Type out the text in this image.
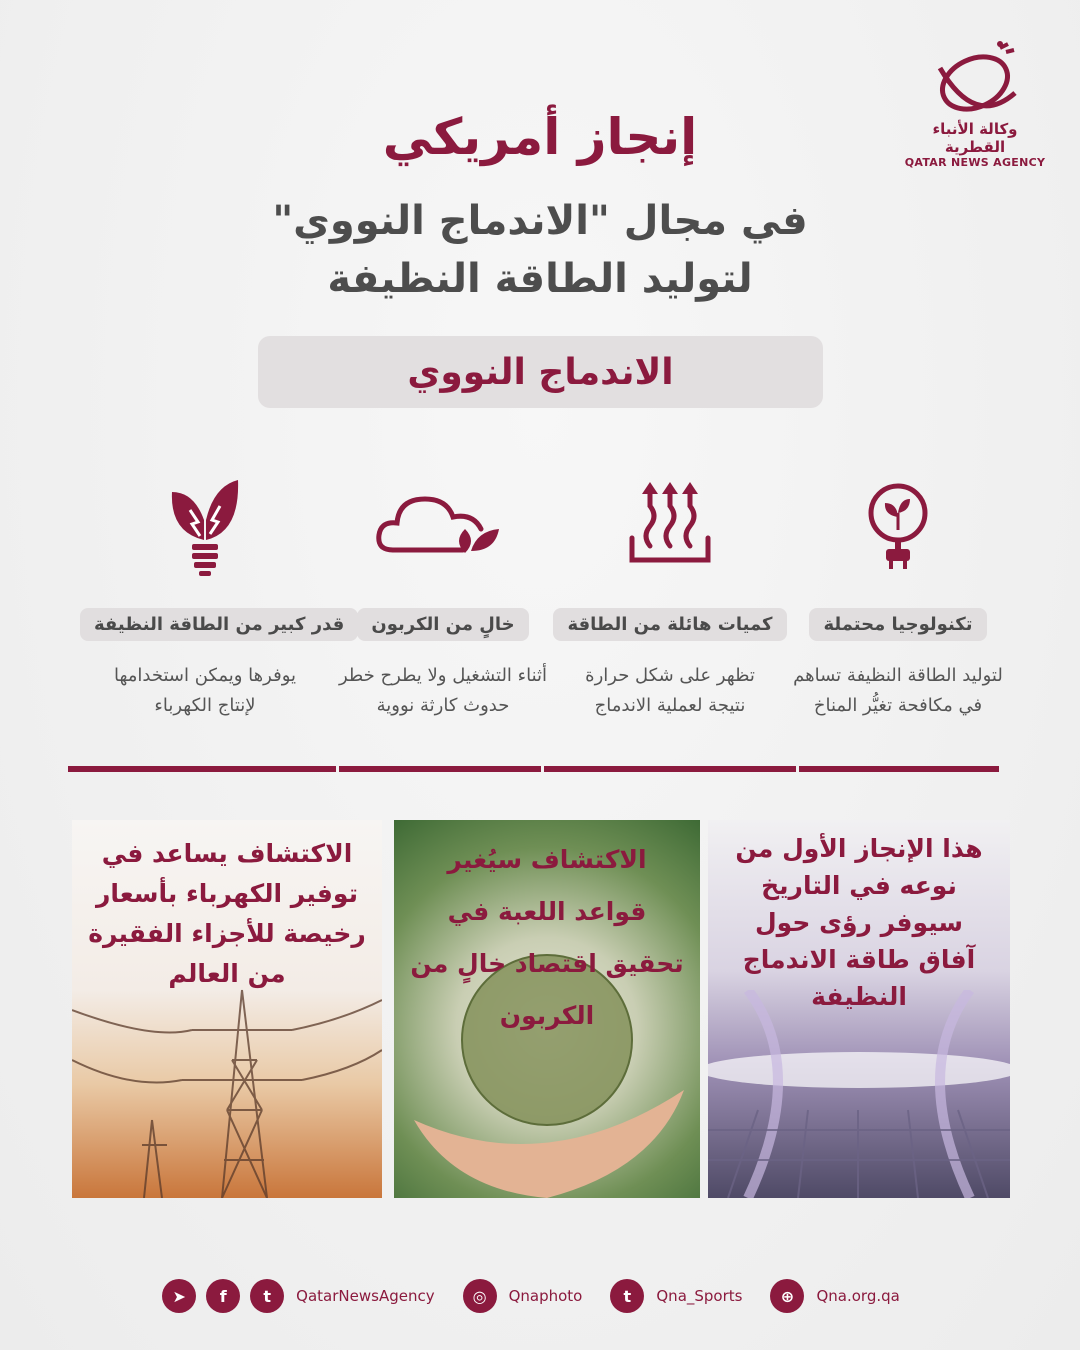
وكالة الأنباء القطرية
QATAR NEWS AGENCY
إنجاز أمريكي
في مجال "الاندماج النووي"
لتوليد الطاقة النظيفة
الاندماج النووي
تكنولوجيا محتملة
لتوليد الطاقة النظيفة تساهم في مكافحة تغيُّر المناخ
كميات هائلة من الطاقة
تظهر على شكل حرارة نتيجة لعملية الاندماج
خالٍ من الكربون
أثناء التشغيل ولا يطرح خطر حدوث كارثة نووية
قدر كبير من الطاقة النظيفة
يوفرها ويمكن استخدامها لإنتاج الكهرباء
الاكتشاف يساعد في توفير الكهرباء بأسعار رخيصة للأجزاء الفقيرة من العالم
الاكتشاف سيُغير قواعد اللعبة في تحقيق اقتصاد خالٍ من الكربون
هذا الإنجاز الأول من نوعه في التاريخ سيوفر رؤى حول آفاق طاقة الاندماج النظيفة
➤	f	t	QatarNewsAgency	◎	Qnaphoto	t	Qna_Sports	⊕	Qna.org.qa
